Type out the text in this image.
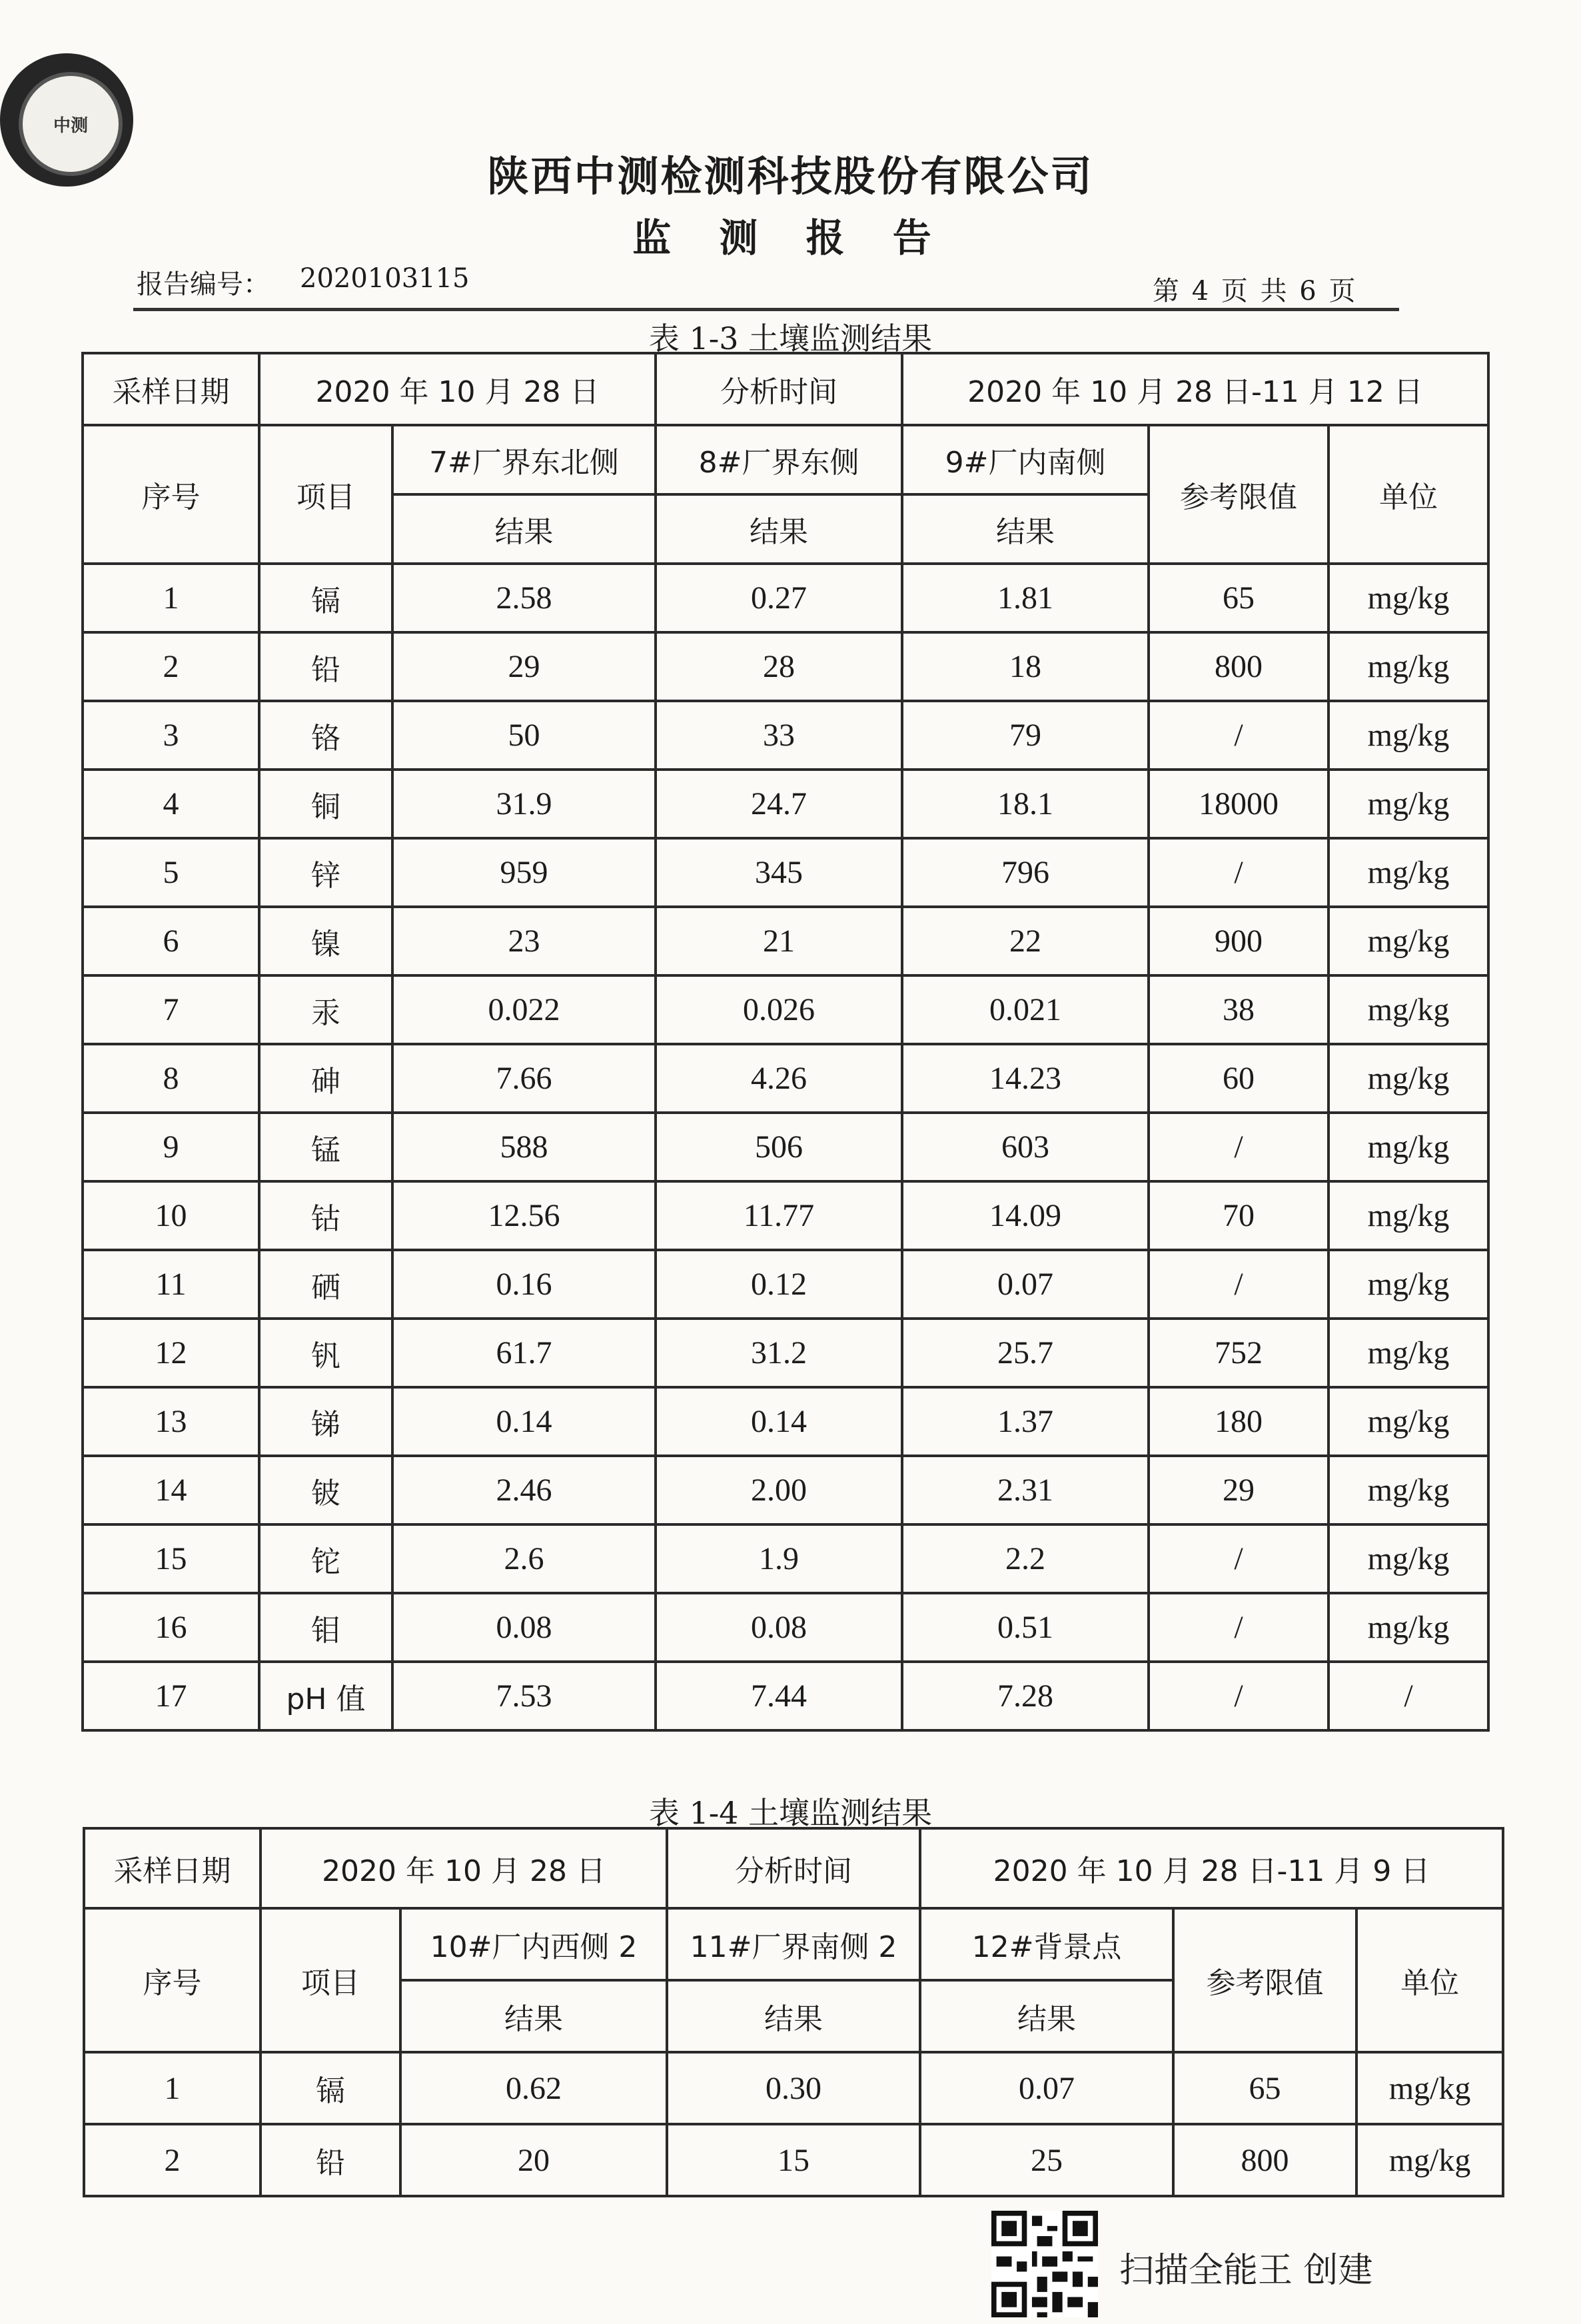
中测
陕西中测检测科技股份有限公司
监 测 报 告
报告编号： 2020103115	第 4 页 共 6 页
表 1-3 土壤监测结果
采样日期	2020 年 10 月 28 日		分析时间	2020 年 10 月 28 日-11 月 12 日		
序号	项目	7#厂界东北侧	8#厂界东侧	9#厂内南侧	参考限值	单位
		结果	结果	结果		
1	镉	2.58	0.27	1.81	65	mg/kg
2	铅	29	28	18	800	mg/kg
3	铬	50	33	79	/	mg/kg
4	铜	31.9	24.7	18.1	18000	mg/kg
5	锌	959	345	796	/	mg/kg
6	镍	23	21	22	900	mg/kg
7	汞	0.022	0.026	0.021	38	mg/kg
8	砷	7.66	4.26	14.23	60	mg/kg
9	锰	588	506	603	/	mg/kg
10	钴	12.56	11.77	14.09	70	mg/kg
11	硒	0.16	0.12	0.07	/	mg/kg
12	钒	61.7	31.2	25.7	752	mg/kg
13	锑	0.14	0.14	1.37	180	mg/kg
14	铍	2.46	2.00	2.31	29	mg/kg
15	铊	2.6	1.9	2.2	/	mg/kg
16	钼	0.08	0.08	0.51	/	mg/kg
17	pH 值	7.53	7.44	7.28	/	/
表 1-4 土壤监测结果
采样日期	2020 年 10 月 28 日		分析时间	2020 年 10 月 28 日-11 月 9 日		
序号	项目	10#厂内西侧 2	11#厂界南侧 2	12#背景点	参考限值	单位
		结果	结果	结果		
1	镉	0.62	0.30	0.07	65	mg/kg
2	铅	20	15	25	800	mg/kg
扫描全能王 创建
